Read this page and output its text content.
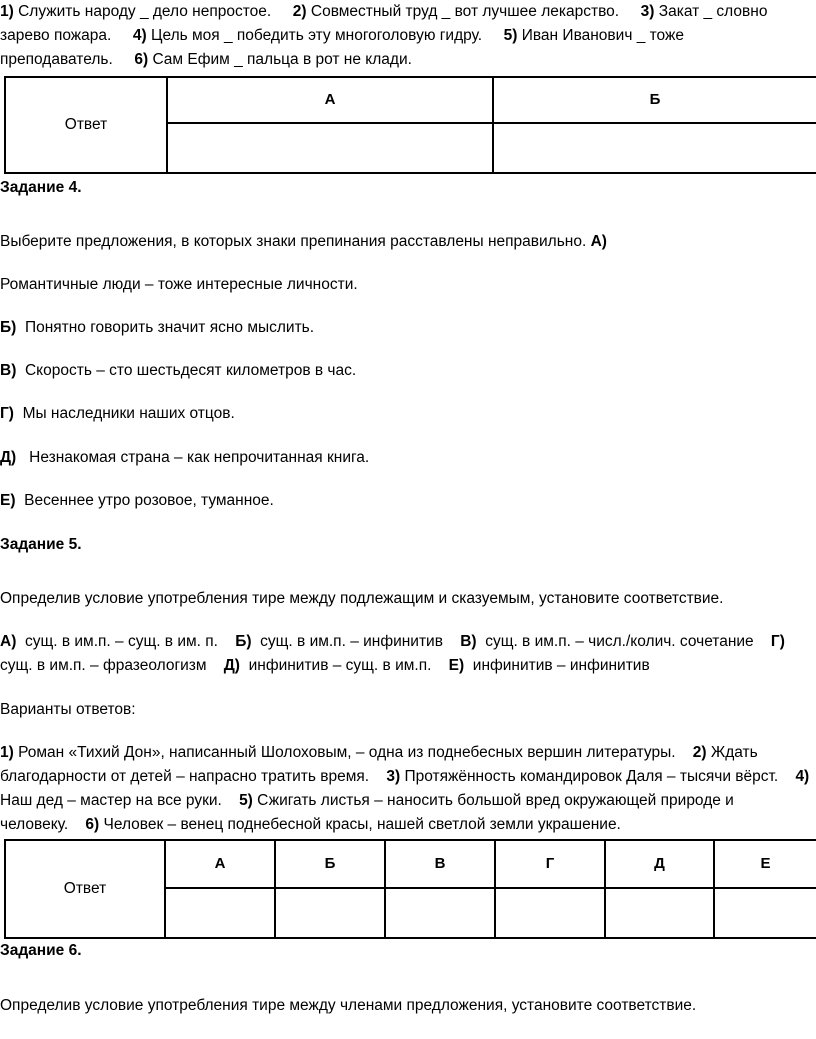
1) Служить народу _ дело непростое. 2) Совместный труд _ вот лучшее лекарство. 3) Закат _ словно зарево пожара. 4) Цель моя _ победить эту многоголовую гидру. 5) Иван Иванович _ тоже преподаватель. 6) Сам Ефим _ пальца в рот не клади.

Ответ	А	Б

Задание 4.

Выберите предложения, в которых знаки препинания расставлены неправильно. А)

Романтичные люди – тоже интересные личности.

Б) Понятно говорить значит ясно мыслить.

В) Скорость – сто шестьдесят километров в час.

Г) Мы наследники наших отцов.

Д) Незнакомая страна – как непрочитанная книга.

Е) Весеннее утро розовое, туманное.

Задание 5.

Определив условие употребления тире между подлежащим и сказуемым, установите соответствие.

А) сущ. в им.п. – сущ. в им. п. Б) сущ. в им.п. – инфинитив В) сущ. в им.п. – числ./колич. сочетание Г) сущ. в им.п. – фразеологизм Д) инфинитив – сущ. в им.п. Е) инфинитив – инфинитив

Варианты ответов:

1) Роман «Тихий Дон», написанный Шолоховым, – одна из поднебесных вершин литературы. 2) Ждать благодарности от детей – напрасно тратить время. 3) Протяжённость командировок Даля – тысячи вёрст. 4) Наш дед – мастер на все руки. 5) Сжигать листья – наносить большой вред окружающей природе и человеку. 6) Человек – венец поднебесной красы, нашей светлой земли украшение.

Ответ	А	Б	В	Г	Д	Е

Задание 6.

Определив условие употребления тире между членами предложения, установите соответствие.
